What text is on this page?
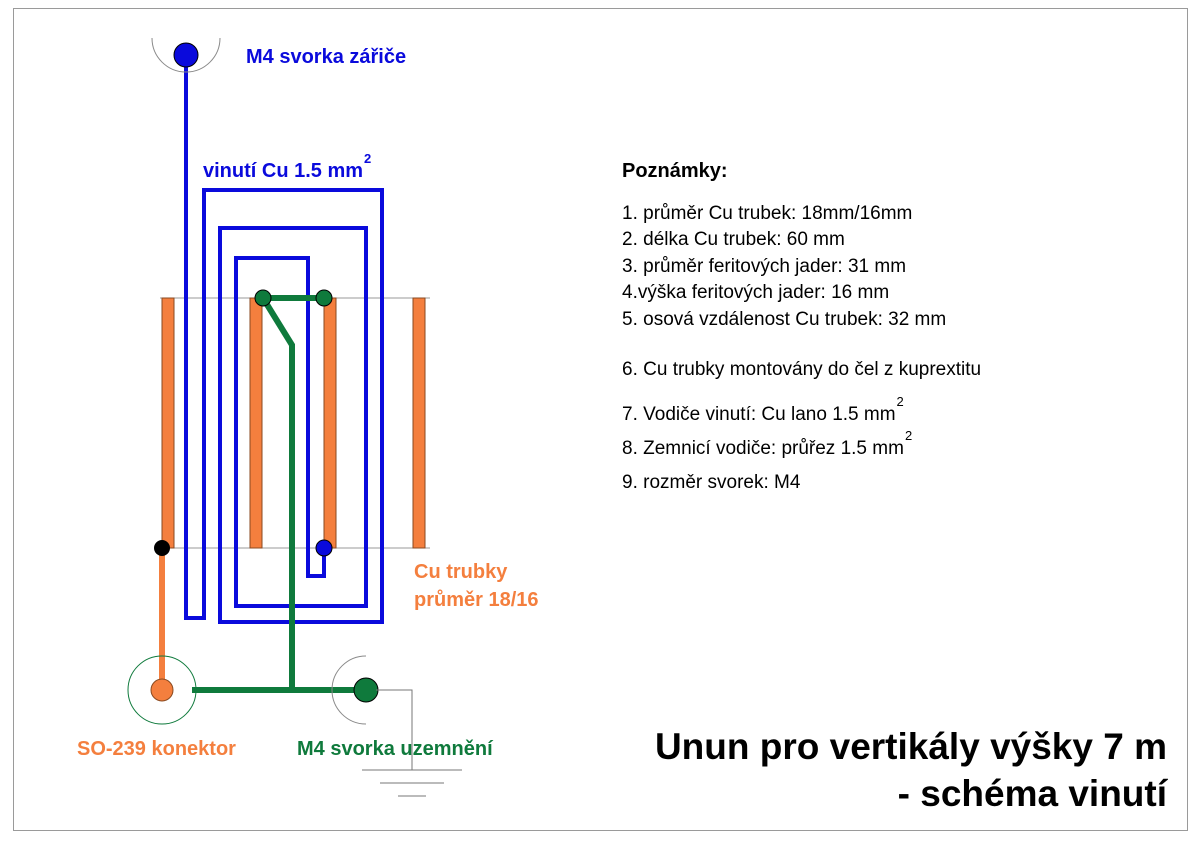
M4 svorka zářiče
vinutí Cu 1.5 $mm^2$
Cu trubky
průměr 18/16
SO-239 konektor	M4 svorka uzemnění
Poznámky:
1. průměr Cu trubek: 18mm/16mm
2. délka Cu trubek: 60 mm
3. průměr feritových jader: 31 mm
4.výška feritových jader: 16 mm
5. osová vzdálenost Cu trubek: 32 mm
6. Cu trubky montovány do čel z kuprextitu
7. Vodiče vinutí: Cu lano 1.5 $mm^2$
8. Zemnicí vodiče: průřez 1.5 $mm^2$
9. rozměr svorek: M4
Unun pro vertikály výšky 7 m
- schéma vinutí
